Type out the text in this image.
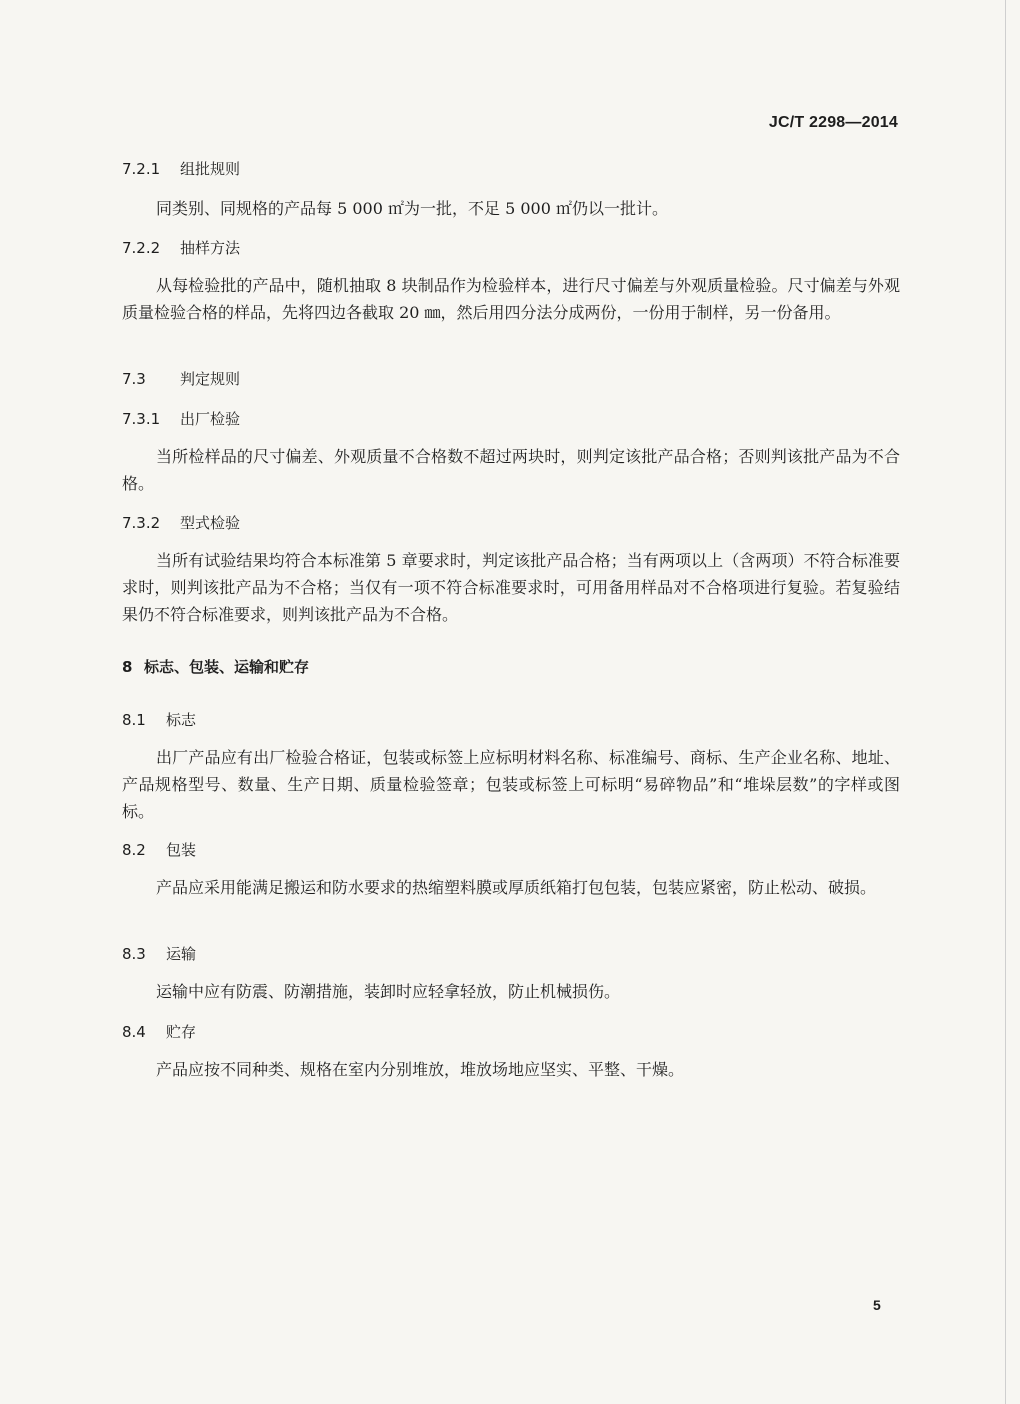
JC/T 2298—2014
7.2.1 组批规则
同类别、同规格的产品每 5 000 ㎡为一批，不足 5 000 ㎡仍以一批计。
7.2.2 抽样方法
从每检验批的产品中，随机抽取 8 块制品作为检验样本，进行尺寸偏差与外观质量检验。尺寸偏差与外观质量检验合格的样品，先将四边各截取 20 ㎜，然后用四分法分成两份，一份用于制样，另一份备用。
7.3 判定规则
7.3.1 出厂检验
当所检样品的尺寸偏差、外观质量不合格数不超过两块时，则判定该批产品合格；否则判该批产品为不合格。
7.3.2 型式检验
当所有试验结果均符合本标准第 5 章要求时，判定该批产品合格；当有两项以上（含两项）不符合标准要求时，则判该批产品为不合格；当仅有一项不符合标准要求时，可用备用样品对不合格项进行复验。若复验结果仍不符合标准要求，则判该批产品为不合格。
8 标志、包装、运输和贮存
8.1 标志
出厂产品应有出厂检验合格证，包装或标签上应标明材料名称、标准编号、商标、生产企业名称、地址、产品规格型号、数量、生产日期、质量检验签章；包装或标签上可标明“易碎物品”和“堆垛层数”的字样或图标。
8.2 包装
产品应采用能满足搬运和防水要求的热缩塑料膜或厚质纸箱打包包装，包装应紧密，防止松动、破损。
8.3 运输
运输中应有防震、防潮措施，装卸时应轻拿轻放，防止机械损伤。
8.4 贮存
产品应按不同种类、规格在室内分别堆放，堆放场地应坚实、平整、干燥。
5
